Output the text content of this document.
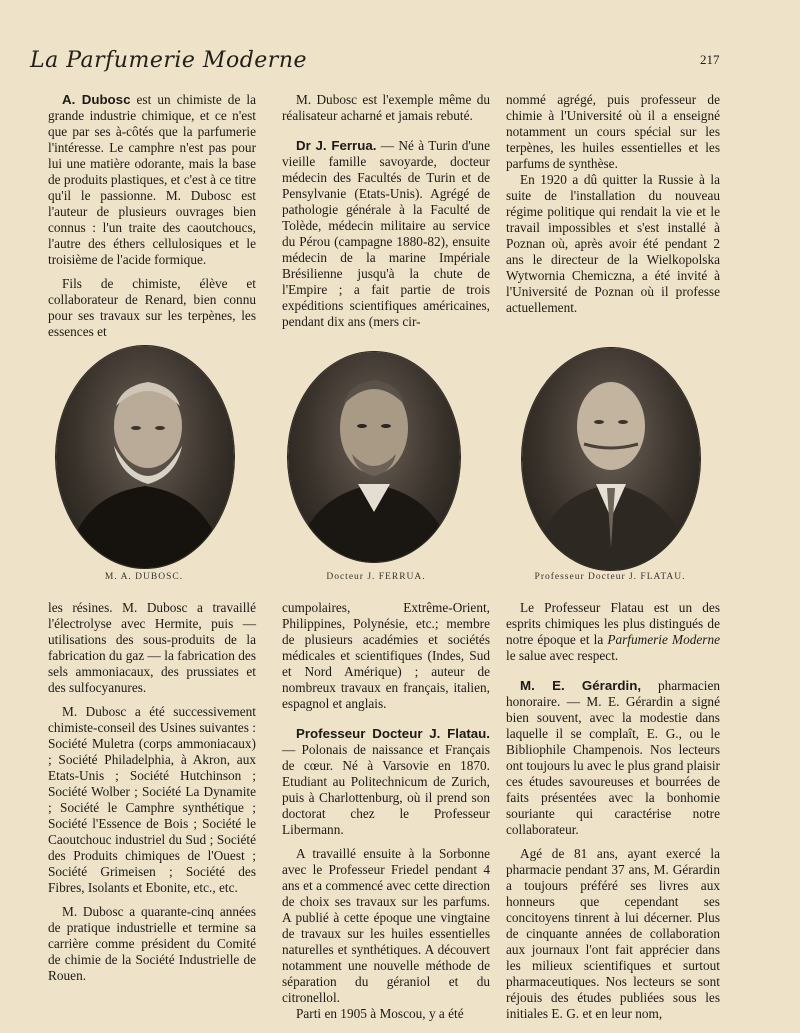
La Parfumerie Moderne	217

A. Dubosc est un chimiste de la grande industrie chimique, et ce n'est que par ses à-côtés que la parfumerie l'intéresse. Le camphre n'est pas pour lui une matière odorante, mais la base de produits plastiques, et c'est à ce titre qu'il le passionne. M. Dubosc est l'auteur de plusieurs ouvrages bien connus : l'un traite des caoutchoucs, l'autre des éthers cellulosiques et le troisième de l'acide formique.

Fils de chimiste, élève et collaborateur de Renard, bien connu pour ses travaux sur les terpènes, les essences et

M. Dubosc est l'exemple même du réalisateur acharné et jamais rebuté.

Dr J. Ferrua. — Né à Turin d'une vieille famille savoyarde, docteur médecin des Facultés de Turin et de Pensylvanie (Etats-Unis). Agrégé de pathologie générale à la Faculté de Tolède, médecin militaire au service du Pérou (campagne 1880-82), ensuite médecin de la marine Impériale Brésilienne jusqu'à la chute de l'Empire ; a fait partie de trois expéditions scientifiques américaines, pendant dix ans (mers cir-

nommé agrégé, puis professeur de chimie à l'Université où il a enseigné notamment un cours spécial sur les terpènes, les huiles essentielles et les parfums de synthèse.

En 1920 a dû quitter la Russie à la suite de l'installation du nouveau régime politique qui rendait la vie et le travail impossibles et s'est installé à Poznan où, après avoir été pendant 2 ans le directeur de la Wielkopolska Wytwornia Chemiczna, a été invité à l'Université de Poznan où il professe actuellement.

M. A. DUBOSC.	Docteur J. FERRUA.	Professeur Docteur J. FLATAU.

les résines. M. Dubosc a travaillé l'électrolyse avec Hermite, puis — utilisations des sous-produits de la fabrication du gaz — la fabrication des sels ammoniacaux, des prussiates et des sulfocyanures.

M. Dubosc a été successivement chimiste-conseil des Usines suivantes : Société Muletra (corps ammoniacaux) ; Société Philadelphia, à Akron, aux Etats-Unis ; Société Hutchinson ; Société Wolber ; Société La Dynamite ; Société le Camphre synthétique ; Société l'Essence de Bois ; Société le Caoutchouc industriel du Sud ; Société des Produits chimiques de l'Ouest ; Société Grimeisen ; Société des Fibres, Isolants et Ebonite, etc., etc.

M. Dubosc a quarante-cinq années de pratique industrielle et termine sa carrière comme président du Comité de chimie de la Société Industrielle de Rouen.

cumpolaires, Extrême-Orient, Philippines, Polynésie, etc.; membre de plusieurs académies et sociétés médicales et scientifiques (Indes, Sud et Nord Amérique) ; auteur de nombreux travaux en français, italien, espagnol et anglais.

Professeur Docteur J. Flatau. — Polonais de naissance et Français de cœur. Né à Varsovie en 1870. Etudiant au Politechnicum de Zurich, puis à Charlottenburg, où il prend son doctorat chez le Professeur Libermann.

A travaillé ensuite à la Sorbonne avec le Professeur Friedel pendant 4 ans et a commencé avec cette direction de choix ses travaux sur les parfums. A publié à cette époque une vingtaine de travaux sur les huiles essentielles naturelles et synthétiques. A découvert notamment une nouvelle méthode de séparation du géraniol et du citronellol.

Parti en 1905 à Moscou, y a été

Le Professeur Flatau est un des esprits chimiques les plus distingués de notre époque et la Parfumerie Moderne le salue avec respect.

M. E. Gérardin, pharmacien honoraire. — M. E. Gérardin a signé bien souvent, avec la modestie dans laquelle il se complaît, E. G., ou le Bibliophile Champenois. Nos lecteurs ont toujours lu avec le plus grand plaisir ces études savoureuses et bourrées de faits présentées avec la bonhomie souriante qui caractérise notre collaborateur.

Agé de 81 ans, ayant exercé la pharmacie pendant 37 ans, M. Gérardin a toujours préféré ses livres aux honneurs que cependant ses concitoyens tinrent à lui décerner. Plus de cinquante années de collaboration aux journaux l'ont fait apprécier dans les milieux scientifiques et surtout pharmaceutiques. Nos lecteurs se sont réjouis des études publiées sous les initiales E. G. et en leur nom,
